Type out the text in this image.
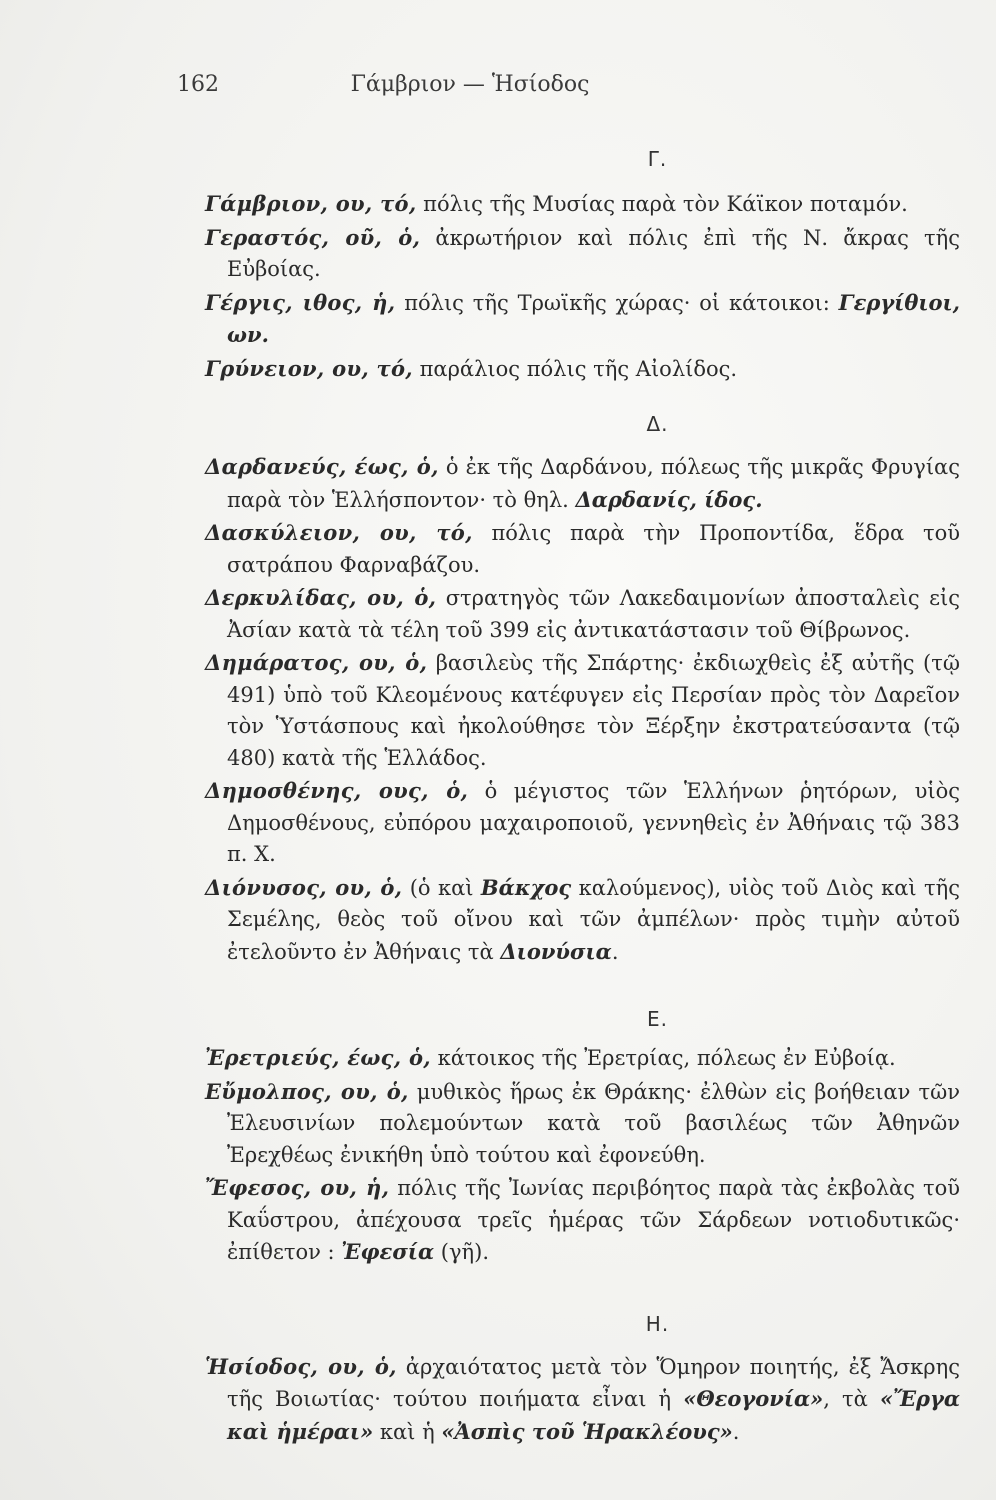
162	Γάμβριον — Ἡσίοδος

Γ.

Γάμβριον, ου, τό, πόλις τῆς Μυσίας παρὰ τὸν Κάϊκον ποταμόν.

Γεραστός, οῦ, ὁ, ἀκρωτήριον καὶ πόλις ἐπὶ τῆς Ν. ἄκρας τῆς Εὐβοίας.

Γέργις, ιθος, ἡ, πόλις τῆς Τρωϊκῆς χώρας· οἱ κάτοικοι: Γεργίθιοι, ων.

Γρύνειον, ου, τό, παράλιος πόλις τῆς Αἰολίδος.

Δ.

Δαρδανεύς, έως, ὁ, ὁ ἐκ τῆς Δαρδάνου, πόλεως τῆς μικρᾶς Φρυγίας παρὰ τὸν Ἑλλήσποντον· τὸ θηλ. Δαρδανίς, ίδος.

Δασκύλειον, ου, τό, πόλις παρὰ τὴν Προποντίδα, ἕδρα τοῦ σατράπου Φαρναβάζου.

Δερκυλίδας, ου, ὁ, στρατηγὸς τῶν Λακεδαιμονίων ἀποσταλεὶς εἰς Ἀσίαν κατὰ τὰ τέλη τοῦ 399 εἰς ἀντικατάστασιν τοῦ Θίβρωνος.

Δημάρατος, ου, ὁ, βασιλεὺς τῆς Σπάρτης· ἐκδιωχθεὶς ἐξ αὐτῆς (τῷ 491) ὑπὸ τοῦ Κλεομένους κατέφυγεν εἰς Περσίαν πρὸς τὸν Δαρεῖον τὸν Ὑστάσπους καὶ ἠκολούθησε τὸν Ξέρξην ἐκστρατεύσαντα (τῷ 480) κατὰ τῆς Ἑλλάδος.

Δημοσθένης, ους, ὁ, ὁ μέγιστος τῶν Ἑλλήνων ῥητόρων, υἱὸς Δημοσθένους, εὐπόρου μαχαιροποιοῦ, γεννηθεὶς ἐν Ἀθήναις τῷ 383 π. Χ.

Διόνυσος, ου, ὁ, (ὁ καὶ Βάκχος καλούμενος), υἱὸς τοῦ Διὸς καὶ τῆς Σεμέλης, θεὸς τοῦ οἴνου καὶ τῶν ἀμπέλων· πρὸς τιμὴν αὐτοῦ ἐτελοῦντο ἐν Ἀθήναις τὰ Διονύσια.

Ε.

Ἐρετριεύς, έως, ὁ, κάτοικος τῆς Ἐρετρίας, πόλεως ἐν Εὐβοίᾳ.

Εὔμολπος, ου, ὁ, μυθικὸς ἥρως ἐκ Θράκης· ἐλθὼν εἰς βοήθειαν τῶν Ἐλευσινίων πολεμούντων κατὰ τοῦ βασιλέως τῶν Ἀθηνῶν Ἐρεχθέως ἐνικήθη ὑπὸ τούτου καὶ ἐφονεύθη.

Ἔφεσος, ου, ἡ, πόλις τῆς Ἰωνίας περιβόητος παρὰ τὰς ἐκβολὰς τοῦ Καΰστρου, ἀπέχουσα τρεῖς ἡμέρας τῶν Σάρδεων νοτιοδυτικῶς· ἐπίθετον : Ἐφεσία (γῆ).

Η.

Ἡσίοδος, ου, ὁ, ἀρχαιότατος μετὰ τὸν Ὅμηρον ποιητής, ἐξ Ἄσκρης τῆς Βοιωτίας· τούτου ποιήματα εἶναι ἡ «Θεογονία», τὰ «Ἔργα καὶ ἡμέραι» καὶ ἡ «Ἀσπὶς τοῦ Ἡρακλέους».
